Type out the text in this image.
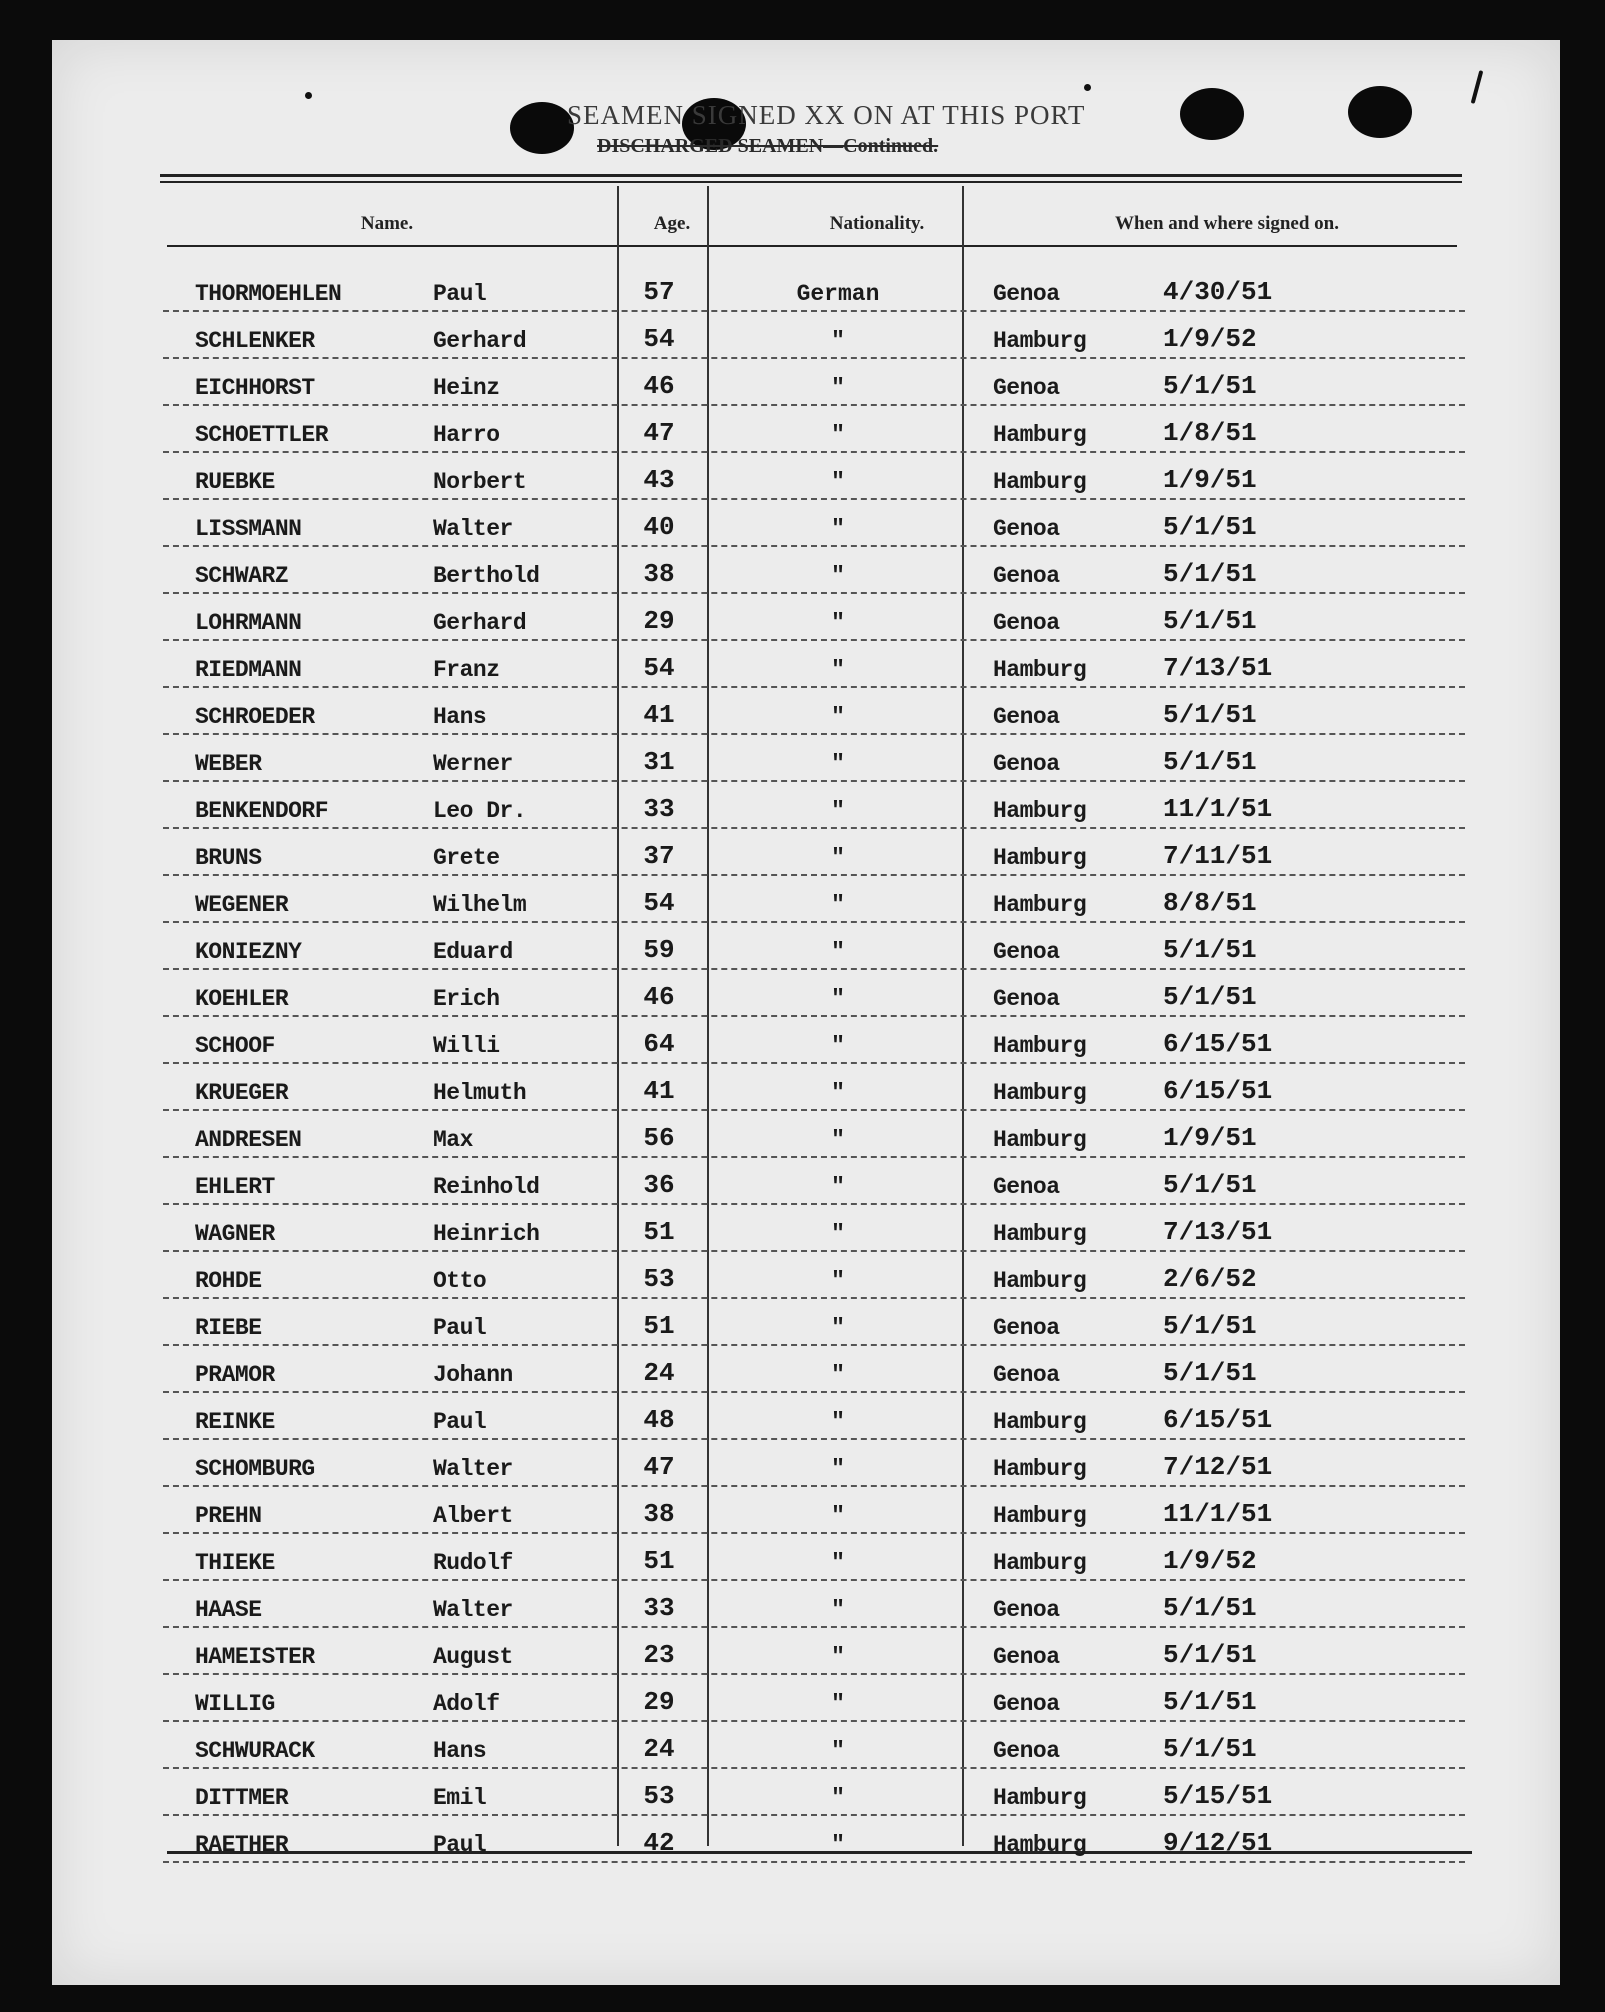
SEAMEN SIGNED XX ON AT THIS PORT
DISCHARGED SEAMEN—Continued.
Name.	Age.	Nationality.	When and where signed on.
THORMOEHLEN	Paul	57	German	Genoa	4/30/51
SCHLENKER	Gerhard	54	"	Hamburg	1/9/52
EICHHORST	Heinz	46	"	Genoa	5/1/51
SCHOETTLER	Harro	47	"	Hamburg	1/8/51
RUEBKE	Norbert	43	"	Hamburg	1/9/51
LISSMANN	Walter	40	"	Genoa	5/1/51
SCHWARZ	Berthold	38	"	Genoa	5/1/51
LOHRMANN	Gerhard	29	"	Genoa	5/1/51
RIEDMANN	Franz	54	"	Hamburg	7/13/51
SCHROEDER	Hans	41	"	Genoa	5/1/51
WEBER	Werner	31	"	Genoa	5/1/51
BENKENDORF	Leo Dr.	33	"	Hamburg	11/1/51
BRUNS	Grete	37	"	Hamburg	7/11/51
WEGENER	Wilhelm	54	"	Hamburg	8/8/51
KONIEZNY	Eduard	59	"	Genoa	5/1/51
KOEHLER	Erich	46	"	Genoa	5/1/51
SCHOOF	Willi	64	"	Hamburg	6/15/51
KRUEGER	Helmuth	41	"	Hamburg	6/15/51
ANDRESEN	Max	56	"	Hamburg	1/9/51
EHLERT	Reinhold	36	"	Genoa	5/1/51
WAGNER	Heinrich	51	"	Hamburg	7/13/51
ROHDE	Otto	53	"	Hamburg	2/6/52
RIEBE	Paul	51	"	Genoa	5/1/51
PRAMOR	Johann	24	"	Genoa	5/1/51
REINKE	Paul	48	"	Hamburg	6/15/51
SCHOMBURG	Walter	47	"	Hamburg	7/12/51
PREHN	Albert	38	"	Hamburg	11/1/51
THIEKE	Rudolf	51	"	Hamburg	1/9/52
HAASE	Walter	33	"	Genoa	5/1/51
HAMEISTER	August	23	"	Genoa	5/1/51
WILLIG	Adolf	29	"	Genoa	5/1/51
SCHWURACK	Hans	24	"	Genoa	5/1/51
DITTMER	Emil	53	"	Hamburg	5/15/51
RAETHER	Paul	42	"	Hamburg	9/12/51
